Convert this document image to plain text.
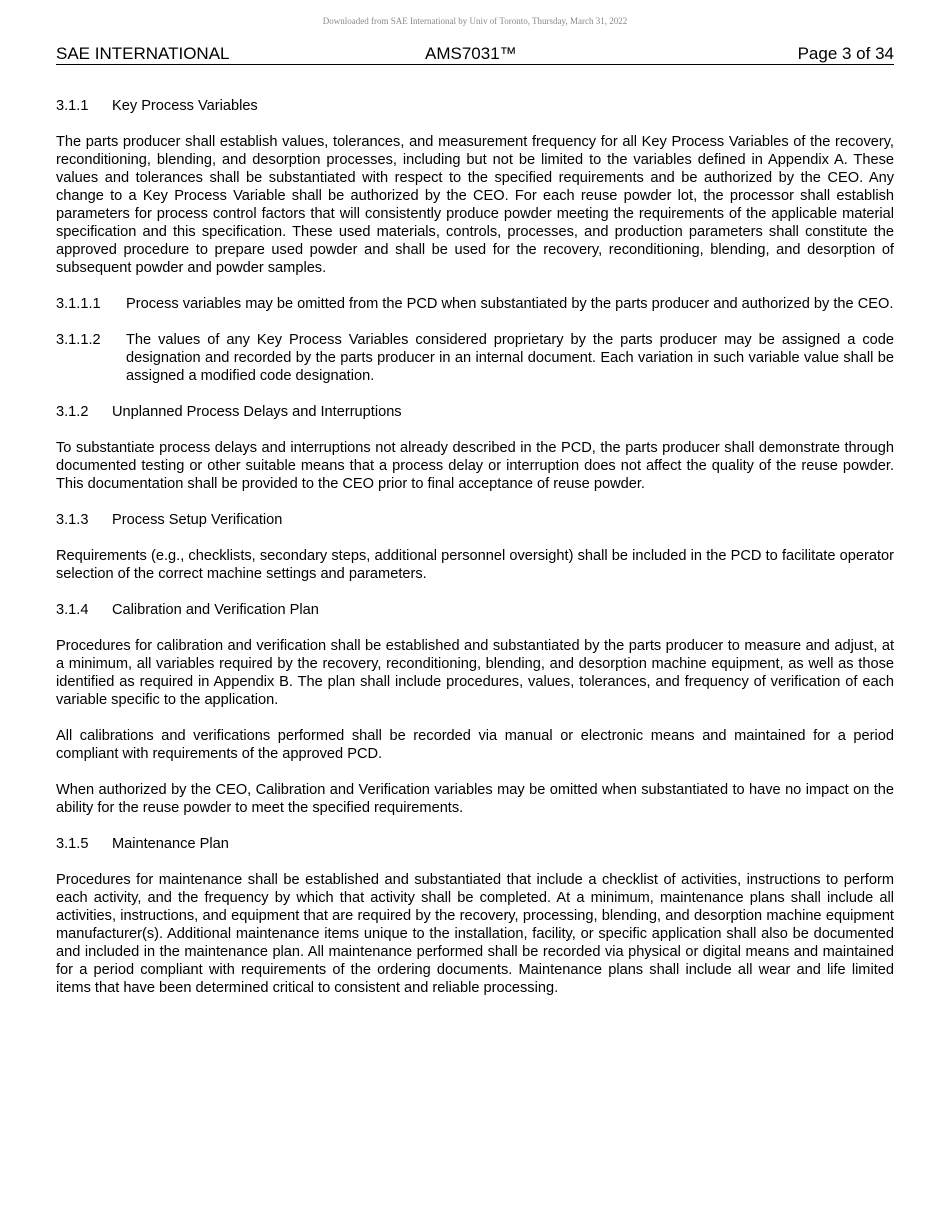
Downloaded from SAE International by Univ of Toronto, Thursday, March 31, 2022
SAE INTERNATIONAL	AMS7031™	Page 3 of 34
3.1.1 Key Process Variables

The parts producer shall establish values, tolerances, and measurement frequency for all Key Process Variables of the recovery, reconditioning, blending, and desorption processes, including but not be limited to the variables defined in Appendix A. These values and tolerances shall be substantiated with respect to the specified requirements and be authorized by the CEO. Any change to a Key Process Variable shall be authorized by the CEO. For each reuse powder lot, the processor shall establish parameters for process control factors that will consistently produce powder meeting the requirements of the applicable material specification and this specification. These used materials, controls, processes, and production parameters shall constitute the approved procedure to prepare used powder and shall be used for the recovery, reconditioning, blending, and desorption of subsequent powder and powder samples.

3.1.1.1	Process variables may be omitted from the PCD when substantiated by the parts producer and authorized by the CEO.
3.1.1.2	The values of any Key Process Variables considered proprietary by the parts producer may be assigned a code designation and recorded by the parts producer in an internal document. Each variation in such variable value shall be assigned a modified code designation.
3.1.2 Unplanned Process Delays and Interruptions

To substantiate process delays and interruptions not already described in the PCD, the parts producer shall demonstrate through documented testing or other suitable means that a process delay or interruption does not affect the quality of the reuse powder. This documentation shall be provided to the CEO prior to final acceptance of reuse powder.

3.1.3 Process Setup Verification

Requirements (e.g., checklists, secondary steps, additional personnel oversight) shall be included in the PCD to facilitate operator selection of the correct machine settings and parameters.

3.1.4 Calibration and Verification Plan

Procedures for calibration and verification shall be established and substantiated by the parts producer to measure and adjust, at a minimum, all variables required by the recovery, reconditioning, blending, and desorption machine equipment, as well as those identified as required in Appendix B. The plan shall include procedures, values, tolerances, and frequency of verification of each variable specific to the application.

All calibrations and verifications performed shall be recorded via manual or electronic means and maintained for a period compliant with requirements of the approved PCD.

When authorized by the CEO, Calibration and Verification variables may be omitted when substantiated to have no impact on the ability for the reuse powder to meet the specified requirements.

3.1.5 Maintenance Plan

Procedures for maintenance shall be established and substantiated that include a checklist of activities, instructions to perform each activity, and the frequency by which that activity shall be completed. At a minimum, maintenance plans shall include all activities, instructions, and equipment that are required by the recovery, processing, blending, and desorption machine equipment manufacturer(s). Additional maintenance items unique to the installation, facility, or specific application shall also be documented and included in the maintenance plan. All maintenance performed shall be recorded via physical or digital means and maintained for a period compliant with requirements of the ordering documents. Maintenance plans shall include all wear and life limited items that have been determined critical to consistent and reliable processing.
